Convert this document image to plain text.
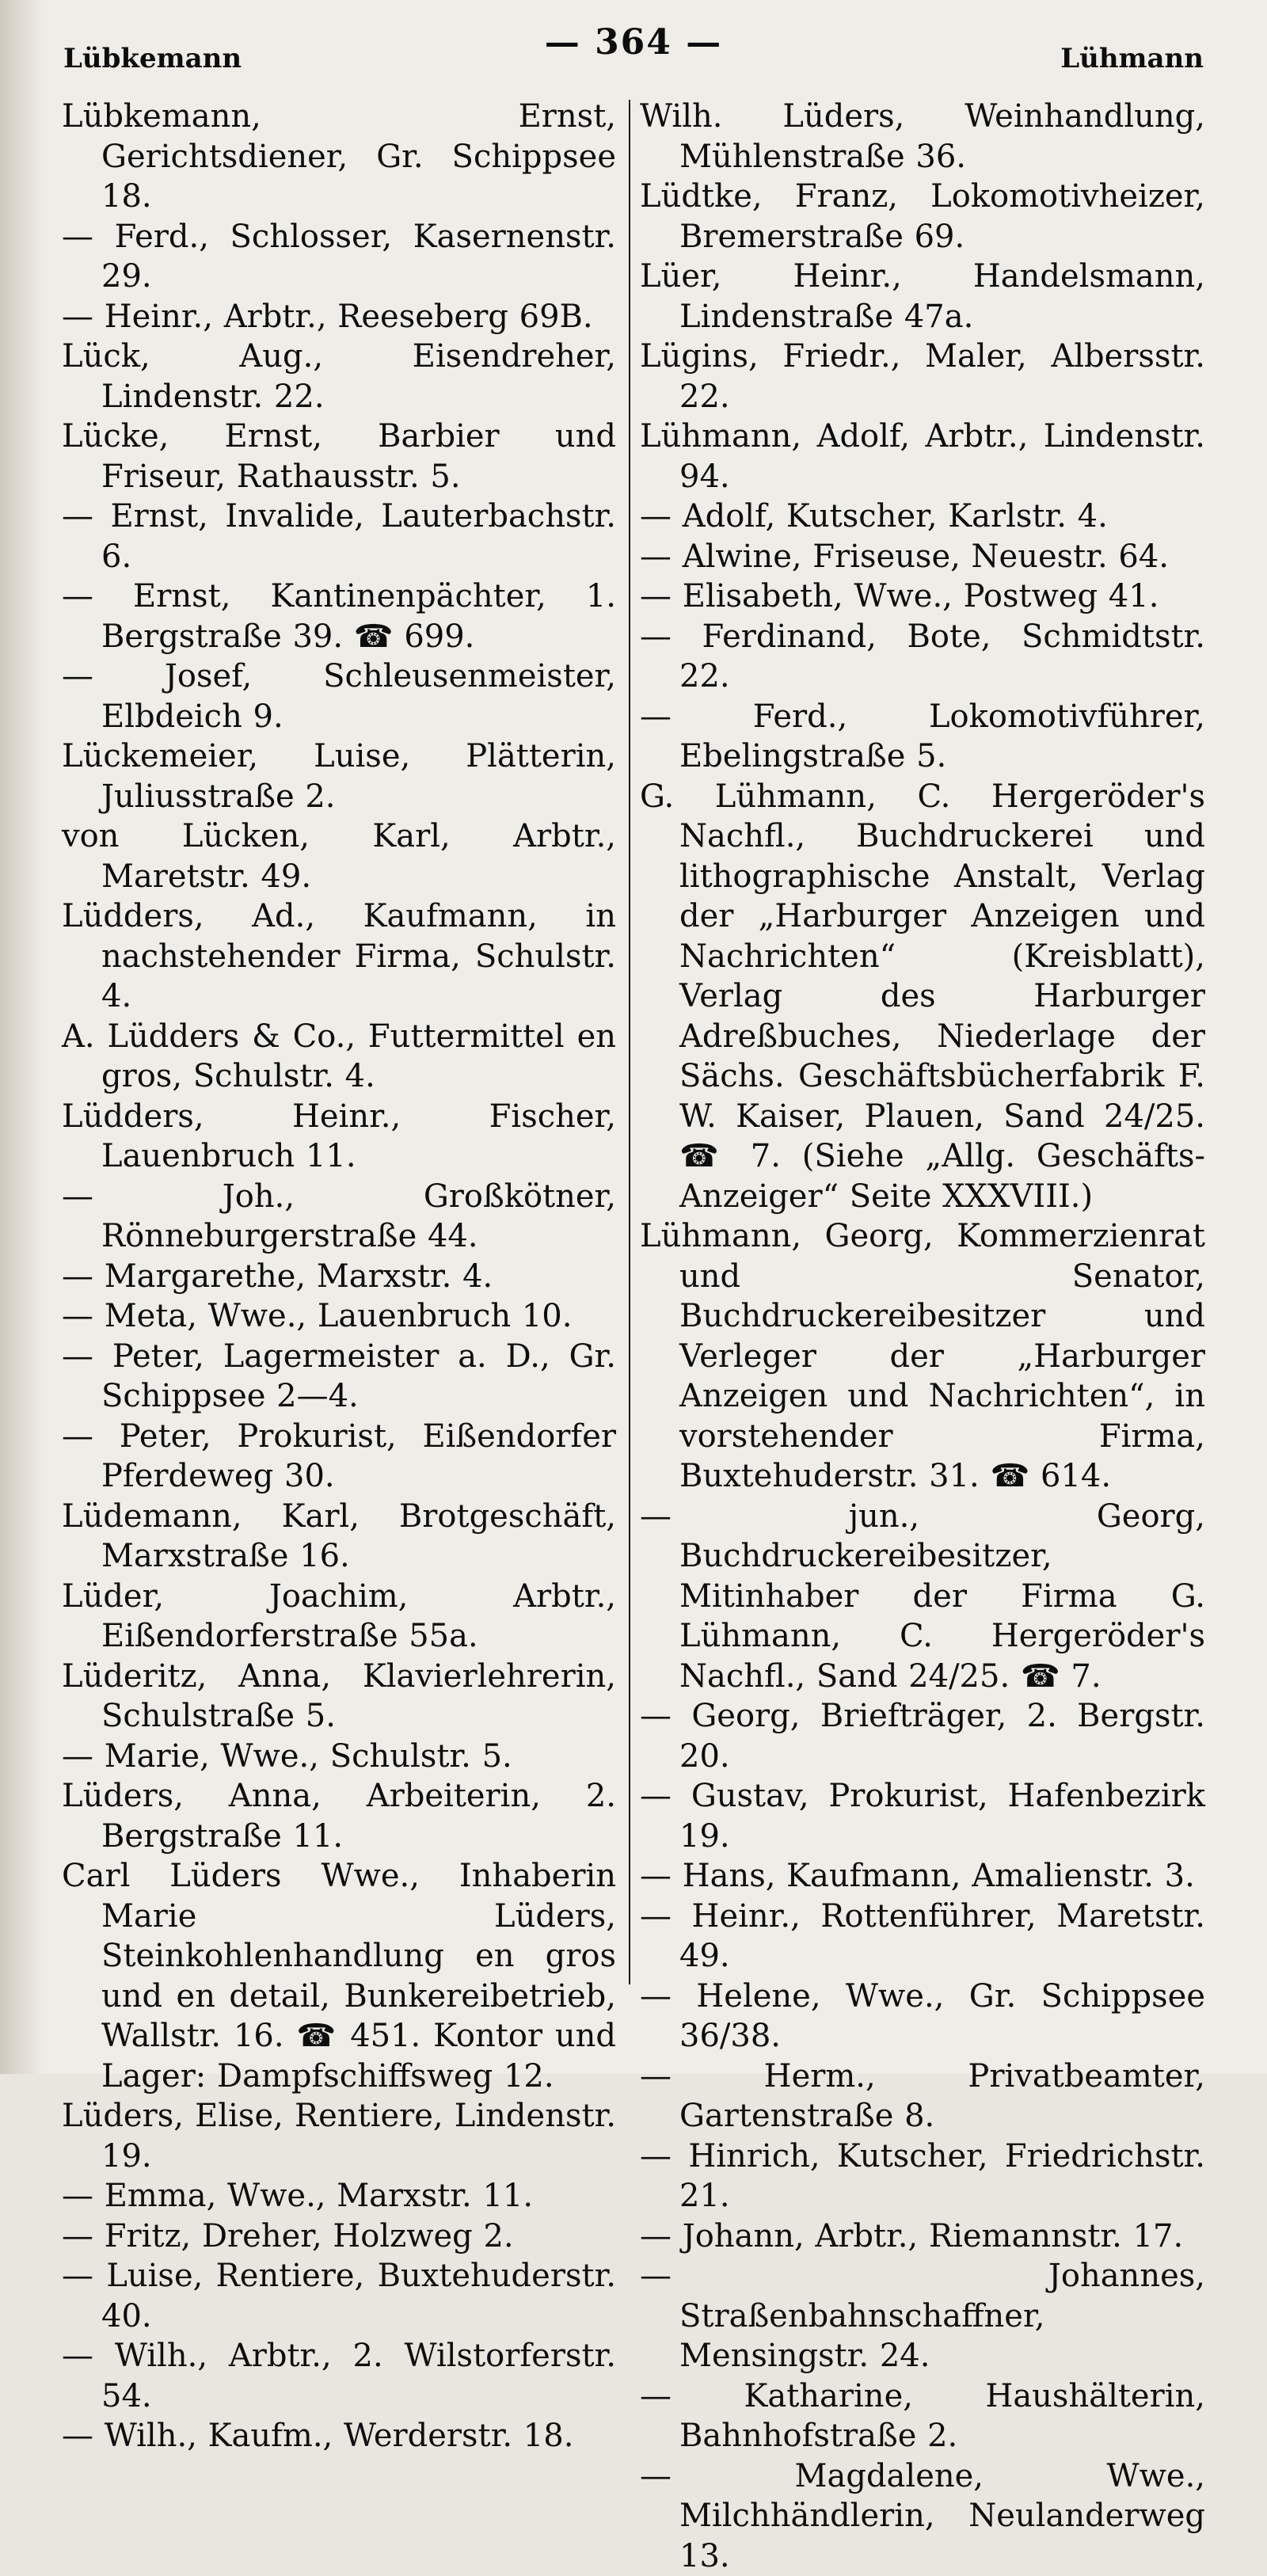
Lübkemann	— 364 —	Lühmann

Lübkemann, Ernst, Gerichtsdiener, Gr. Schippsee 18.

— Ferd., Schlosser, Kasernenstr. 29.

— Heinr., Arbtr., Reeseberg 69B.

Lück, Aug., Eisendreher, Lindenstr. 22.

Lücke, Ernst, Barbier und Friseur, Rathausstr. 5.

— Ernst, Invalide, Lauterbachstr. 6.

— Ernst, Kantinenpächter, 1. Bergstraße 39. ☎ 699.

— Josef, Schleusenmeister, Elbdeich 9.

Lückemeier, Luise, Plätterin, Juliusstraße 2.

von Lücken, Karl, Arbtr., Maretstr. 49.

Lüdders, Ad., Kaufmann, in nachstehender Firma, Schulstr. 4.

A. Lüdders & Co., Futtermittel en gros, Schulstr. 4.

Lüdders, Heinr., Fischer, Lauenbruch 11.

— Joh., Großkötner, Rönneburgerstraße 44.

— Margarethe, Marxstr. 4.

— Meta, Wwe., Lauenbruch 10.

— Peter, Lagermeister a. D., Gr. Schippsee 2—4.

— Peter, Prokurist, Eißendorfer Pferdeweg 30.

Lüdemann, Karl, Brotgeschäft, Marxstraße 16.

Lüder, Joachim, Arbtr., Eißendorferstraße 55a.

Lüderitz, Anna, Klavierlehrerin, Schulstraße 5.

— Marie, Wwe., Schulstr. 5.

Lüders, Anna, Arbeiterin, 2. Bergstraße 11.

Carl Lüders Wwe., Inhaberin Marie Lüders, Steinkohlenhandlung en gros und en detail, Bunkereibetrieb, Wallstr. 16. ☎ 451. Kontor und Lager: Dampfschiffsweg 12.

Lüders, Elise, Rentiere, Lindenstr. 19.

— Emma, Wwe., Marxstr. 11.

— Fritz, Dreher, Holzweg 2.

— Luise, Rentiere, Buxtehuderstr. 40.

— Wilh., Arbtr., 2. Wilstorferstr. 54.

— Wilh., Kaufm., Werderstr. 18.

Wilh. Lüders, Weinhandlung, Mühlenstraße 36.

Lüdtke, Franz, Lokomotivheizer, Bremerstraße 69.

Lüer, Heinr., Handelsmann, Lindenstraße 47a.

Lügins, Friedr., Maler, Albersstr. 22.

Lühmann, Adolf, Arbtr., Lindenstr. 94.

— Adolf, Kutscher, Karlstr. 4.

— Alwine, Friseuse, Neuestr. 64.

— Elisabeth, Wwe., Postweg 41.

— Ferdinand, Bote, Schmidtstr. 22.

— Ferd., Lokomotivführer, Ebelingstraße 5.

G. Lühmann, C. Hergeröder's Nachfl., Buchdruckerei und lithographische Anstalt, Verlag der „Harburger Anzeigen und Nachrichten“ (Kreisblatt), Verlag des Harburger Adreßbuches, Niederlage der Sächs. Geschäftsbücherfabrik F. W. Kaiser, Plauen, Sand 24/25. ☎ 7. (Siehe „Allg. Geschäfts-Anzeiger“ Seite XXXVIII.)

Lühmann, Georg, Kommerzienrat und Senator, Buchdruckereibesitzer und Verleger der „Harburger Anzeigen und Nachrichten“, in vorstehender Firma, Buxtehuderstr. 31. ☎ 614.

— jun., Georg, Buchdruckereibesitzer, Mitinhaber der Firma G. Lühmann, C. Hergeröder's Nachfl., Sand 24/25. ☎ 7.

— Georg, Briefträger, 2. Bergstr. 20.

— Gustav, Prokurist, Hafenbezirk 19.

— Hans, Kaufmann, Amalienstr. 3.

— Heinr., Rottenführer, Maretstr. 49.

— Helene, Wwe., Gr. Schippsee 36/38.

— Herm., Privatbeamter, Gartenstraße 8.

— Hinrich, Kutscher, Friedrichstr. 21.

— Johann, Arbtr., Riemannstr. 17.

— Johannes, Straßenbahnschaffner, Mensingstr. 24.

— Katharine, Haushälterin, Bahnhofstraße 2.

— Magdalene, Wwe., Milchhändlerin, Neulanderweg 13.
